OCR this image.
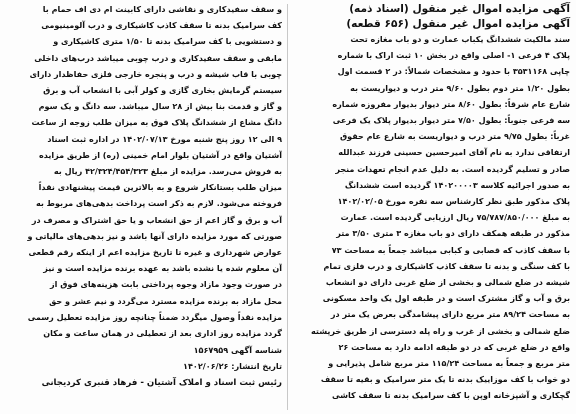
آگهی مزایده اموال غیر منقول (اسناد ذمه)

آگهی مزایده اموال غیر منقول (۶۵۶ قطعه)

سند مالکیت ششدانگ یکباب عمارت و دو باب مغازه تحت
پلاک ۴ فرعی ۱- اصلی واقع در بخش ۱۰ ثبت اراک با شماره
چاپی ۳۵۳۱۱۶۸ با حدود و مشخصات شمالاً: در ۲ قسمت اول
بطول ۱/۲۰ متر دوم بطول ۹/۶۰ متر درب و دیواریست به
شارع عام شرقاً: بطول ۸/۶۰ متر دیوار بدیوار مفروزه شماره
سه فرعی جنوباً: بطول ۷/۵۰ متر دیوار بدیوار پلاک یک فرعی
غرباً: بطول ۹/۷۵ متر درب و دیواریست به شارع عام حقوق
ارتفاقی ندارد به نام آقای امیرحسین حسینی فرزند عبدالله
صادر و تسلیم گردیده است. به دلیل عدم انجام تعهدات منجر
به صدور اجرائیه کلاسه ۱۴۰۲۰۰۰۰۳ گردیده است ششدانگ
پلاک مذکور طبق نظر کارشناس سه نفره مورخ ۱۴۰۲/۰۲/۰۵
به مبلغ ۷۵/۷۸۷/۸۵۰/۰۰۰ ریال ارزیابی گردیده است. عمارت
مذکور در طبقه همکف دارای دو باب مغازه ۳ متری ۳/۵۰ متر
با سقف کاذب که قصابی و کبابی میباشد جمعاً به مساحت ۷۳
با کف سنگی و بدنه تا سقف کاذب کاشیکاری و درب فلزی تمام
شیشه در ضلع شمالی و بخشی از ضلع غربی دارای دو انشعاب
برق و آب و گاز مشترک است و در طبقه اول یک واحد مسکونی
به مساحت ۸۹/۲۴ متر مربع دارای پیشامدگی بعرض یک متر در
ضلع شمالی و بخشی از غرب و راه پله دسترسی از طریق خرپشته
واقع در ضلع غربی که در دو طبقه ادامه دارد به مساحت ۲۶
متر مربع و جمعاً به مساحت ۱۱۵/۲۴ متر مربع شامل پذیرایی و
دو خواب با کف موزاییک بدنه تا یک متر سرامیک و بقیه تا سقف
گچکاری و آشپزخانه اوپن با کف سرامیک بدنه تا سقف کاشی
و سقف سفیدکاری و نقاشی دارای کابینت ام دی اف حمام با
کف سرامیک بدنه تا سقف کاذب کاشیکاری و درب آلومینیومی
و دستشویی با کف سرامیک بدنه تا ۱/۵۰ متری کاشیکاری و
مابقی و سقف سفیدکاری و درب چوبی میباشد درب‌های داخلی
چوبی با قاب شیشه و درب و پنجره خارجی فلزی حفاظدار دارای
سیستم گرمایش بخاری گازی و کولر آبی با انشعاب آب و برق
و گاز و قدمت بنا بیش از ۲۸ سال میباشد. سه دانگ و یک سوم
دانگ مشاع از ششدانگ پلاک فوق به میزان طلب زوجه از ساعت
۹ الی ۱۲ روز پنج شنبه مورخ ۱۴۰۲/۰۷/۱۳ در اداره ثبت اسناد
آشتیان واقع در آشتیان بلوار امام خمینی (ره) از طریق مزایده
به فروش می‌رسد. مزایده از مبلغ ۴۲/۳۲۴/۴۵۴/۳۲۳ ریال به
میزان طلب بستانکار شروع و به بالاترین قیمت پیشنهادی نقداً
فروخته می‌شود. لازم به ذکر است پرداخت بدهی‌های مربوط به
آب و برق و گاز اعم از حق انشعاب و یا حق اشتراک و مصرف در
صورتی که مورد مزایده دارای آنها باشد و نیز بدهی‌های مالیاتی و
عوارض شهرداری و غیره تا تاریخ مزایده اعم از اینکه رقم قطعی
آن معلوم شده یا نشده باشد به عهده برنده مزایده است و نیز
در صورت وجود مازاد وجوه پرداختی بابت هزینه‌های فوق از
محل مازاد به برنده مزایده مسترد می‌گردد و نیم عشر و حق
مزایده نقداً وصول میگردد ضمناً چنانچه روز مزایده تعطیل رسمی
گردد مزایده روز اداری بعد از تعطیلی در همان ساعت و مکان

شناسه آگهی ۱۵۶۷۹۵۹

تاریخ انتشار: ۱۴۰۲/۰۶/۲۶

رئیس ثبت اسناد و املاک آشتیان - فرهاد قنبری کردیجانی
